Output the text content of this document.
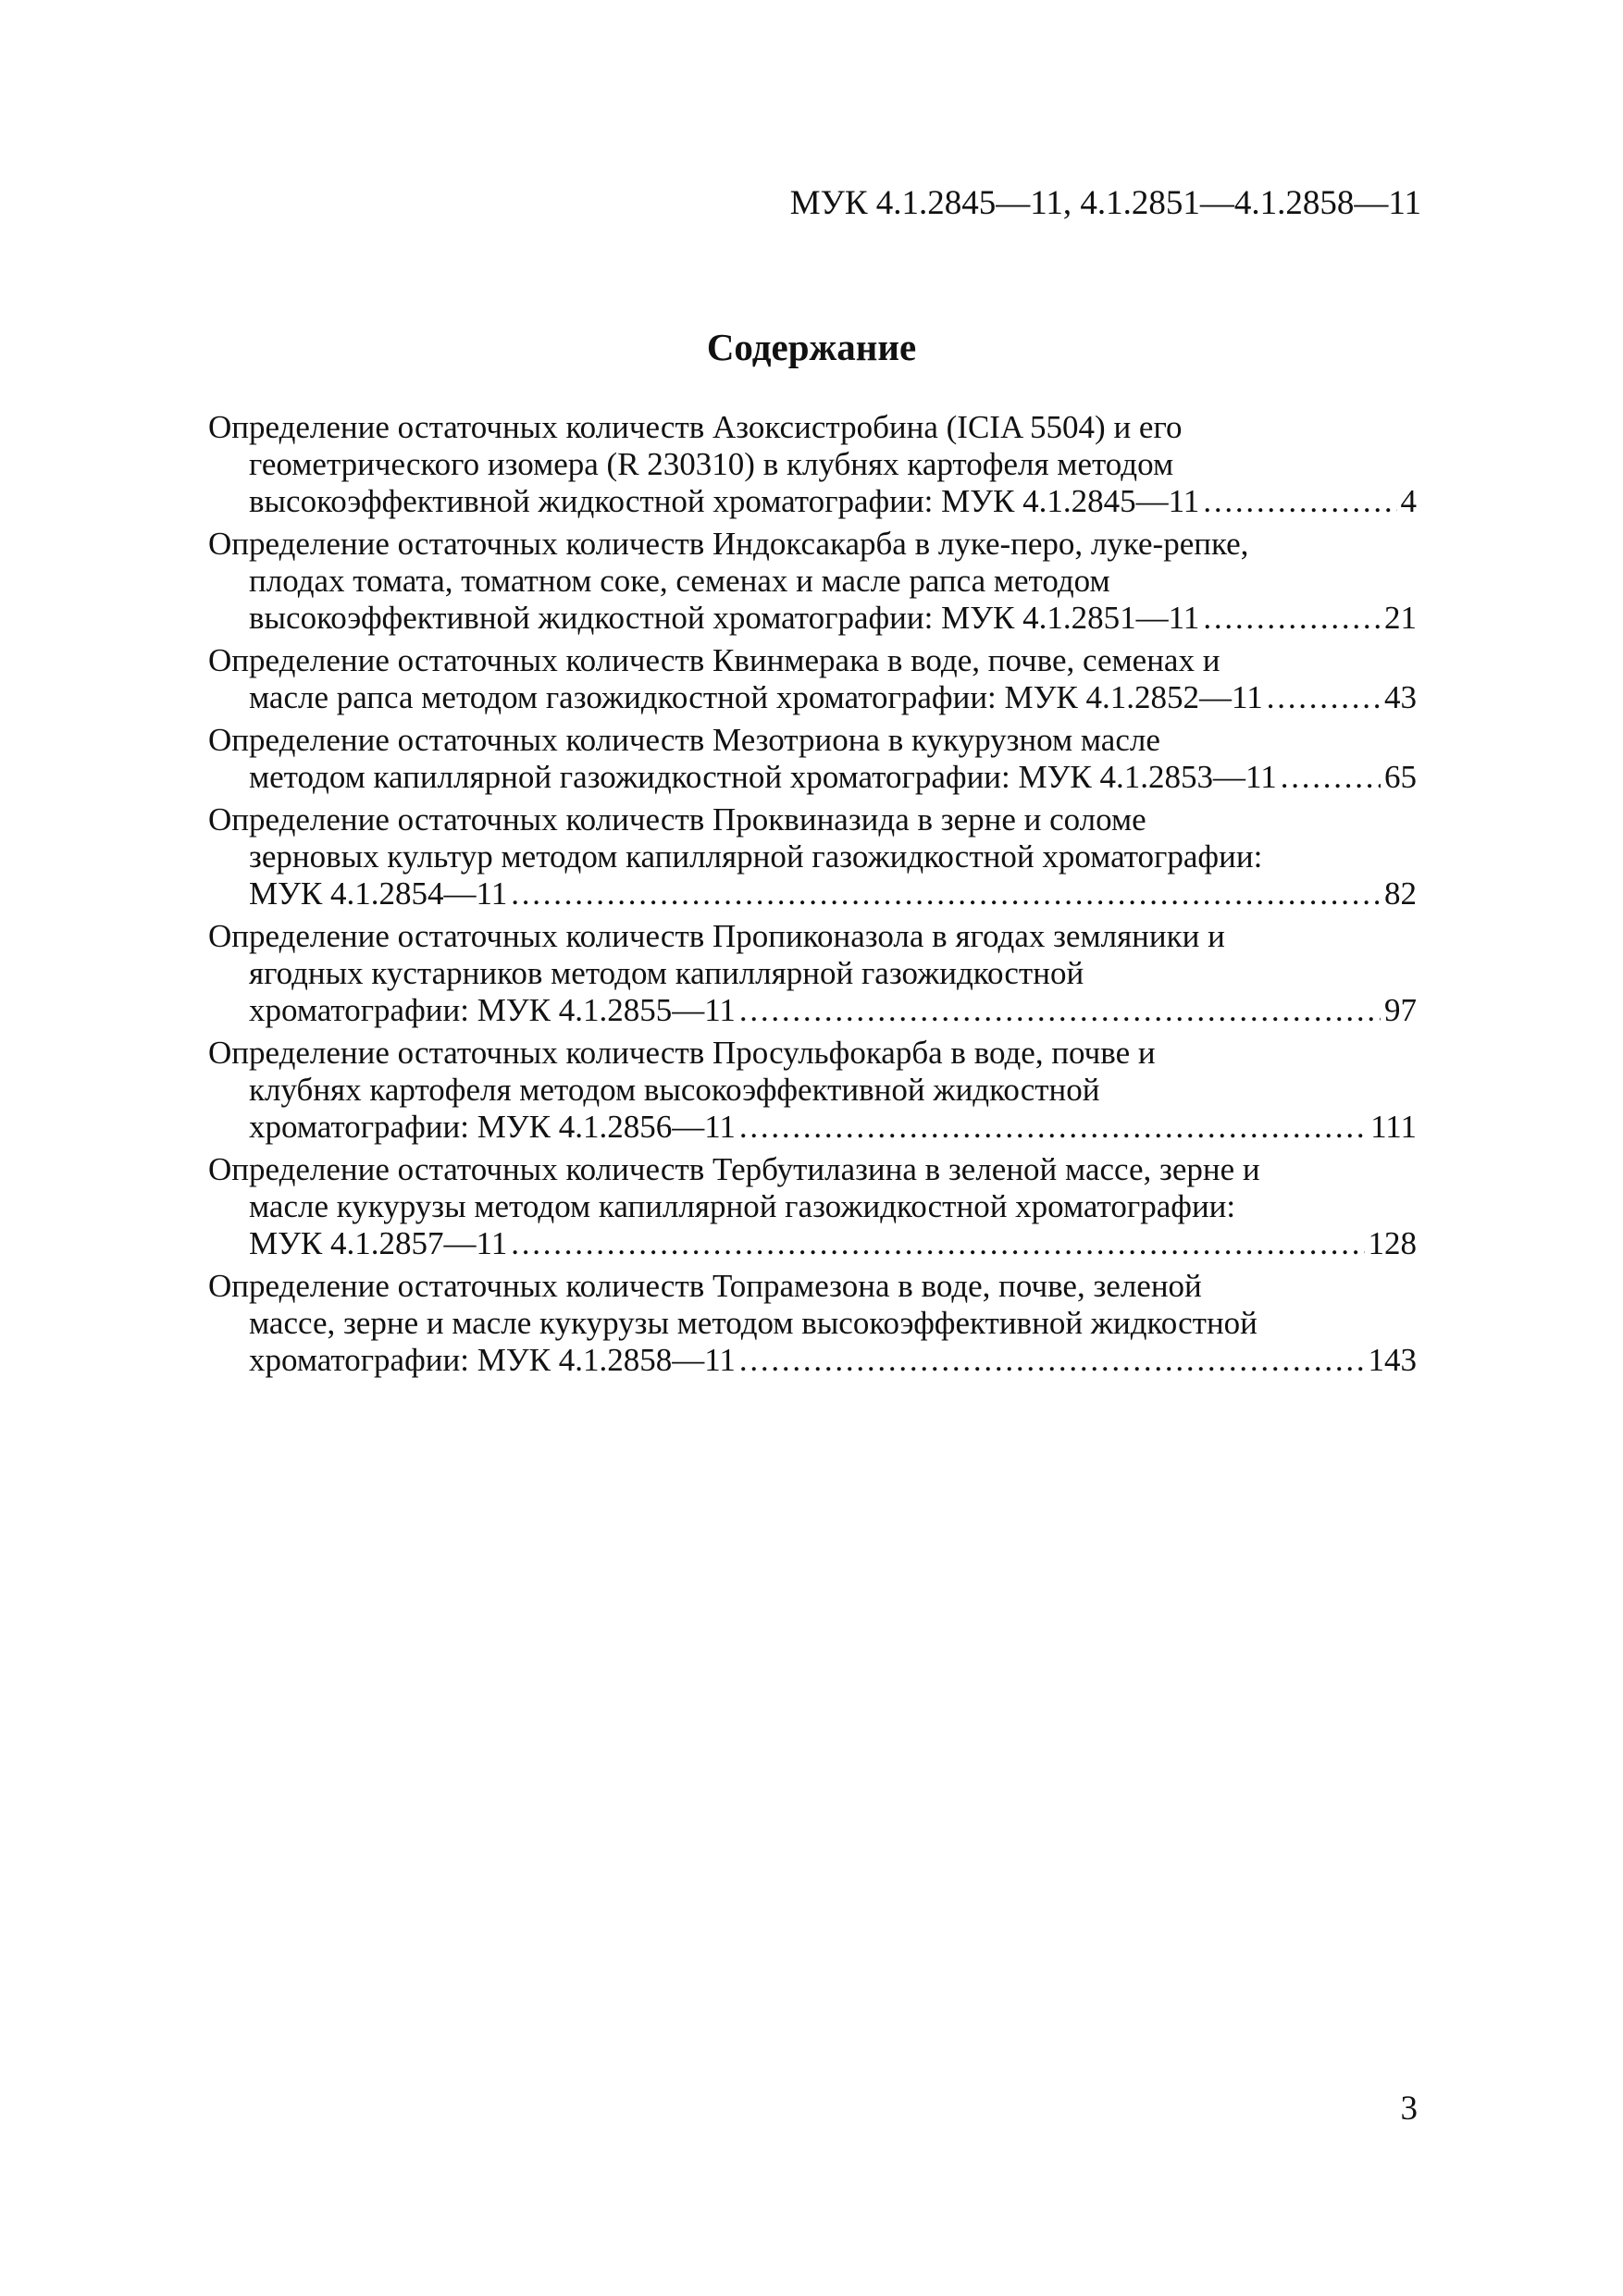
МУК 4.1.2845—11, 4.1.2851—4.1.2858—11
Содержание
Определение остаточных количеств Азоксистробина (ICIA 5504) и его
геометрического изомера (R 230310) в клубнях картофеля методом
высокоэффективной жидкостной хроматографии: МУК 4.1.2845—11 . . .	4
Определение остаточных количеств Индоксакарба в луке-перо, луке-репке,
плодах томата, томатном соке, семенах и масле рапса методом
высокоэффективной жидкостной хроматографии: МУК 4.1.2851—11 . . .	21
Определение остаточных количеств Квинмерака в воде, почве, семенах и
масле рапса методом газожидкостной хроматографии: МУК 4.1.2852—11 . . .	43
Определение остаточных количеств Мезотриона в кукурузном масле
методом капиллярной газожидкостной хроматографии: МУК 4.1.2853—11 . . .	65
Определение остаточных количеств Проквиназида в зерне и соломе
зерновых культур методом капиллярной газожидкостной хроматографии:
МУК 4.1.2854—11 . . .	82
Определение остаточных количеств Пропиконазола в ягодах земляники и
ягодных кустарников методом капиллярной газожидкостной
хроматографии: МУК 4.1.2855—11 . . .	97
Определение остаточных количеств Просульфокарба в воде, почве и
клубнях картофеля методом высокоэффективной жидкостной
хроматографии: МУК 4.1.2856—11 . . .	111
Определение остаточных количеств Тербутилазина в зеленой массе, зерне и
масле кукурузы методом капиллярной газожидкостной хроматографии:
МУК 4.1.2857—11 . . .	128
Определение остаточных количеств Топрамезона в воде, почве, зеленой
массе, зерне и масле кукурузы методом высокоэффективной жидкостной
хроматографии: МУК 4.1.2858—11 . . .	143
3
